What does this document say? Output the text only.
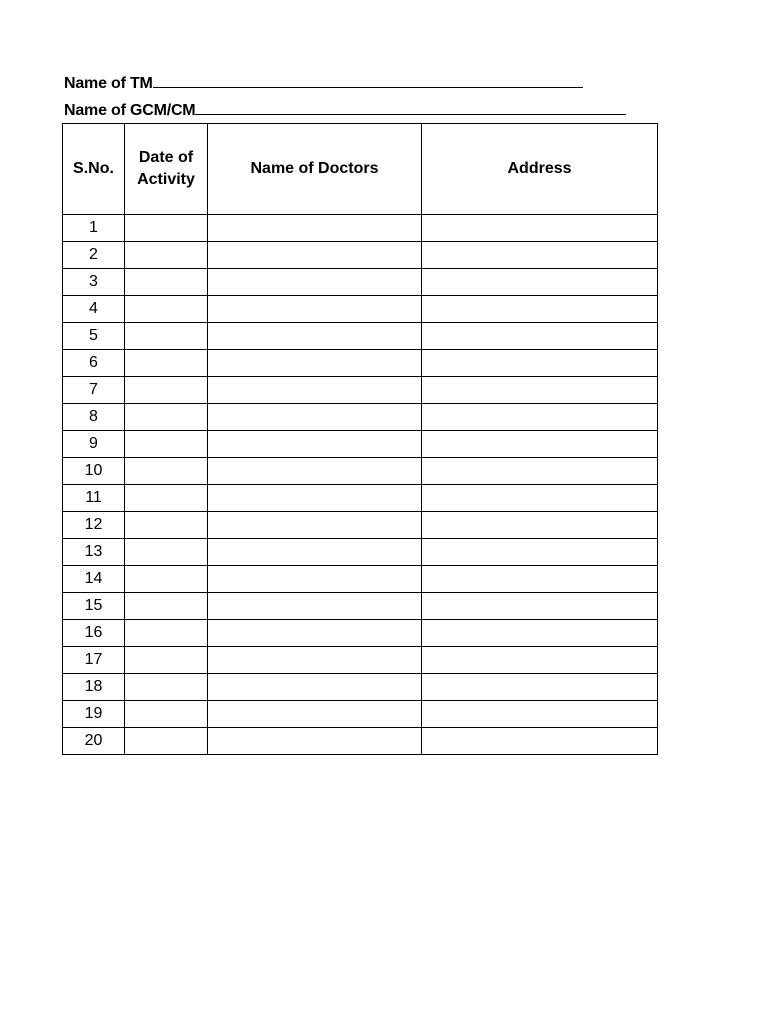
Name of TM
Name of GCM/CM
S.No.	Date of Activity	Name of Doctors	Address
1			
2			
3			
4			
5			
6			
7			
8			
9			
10			
11			
12			
13			
14			
15			
16			
17			
18			
19			
20			
